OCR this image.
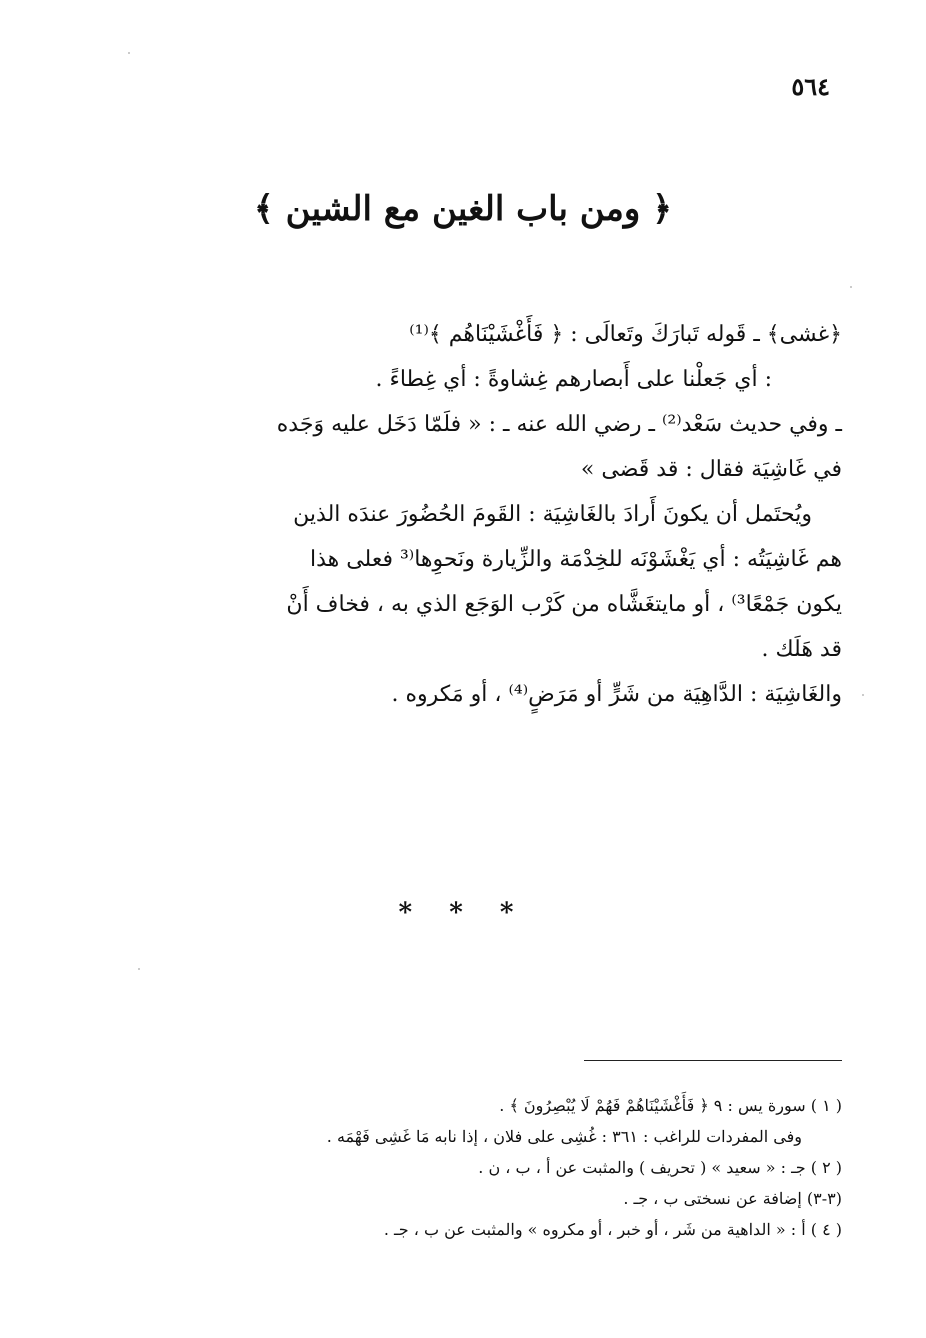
٥٦٤
﴿ ومن باب الغين مع الشين ﴾
﴿غشى﴾ ـ قَوله تَبارَكَ وتَعالَى : ﴿ فَأَغْشَيْنَاهُم ﴾⁽¹⁾
: أي جَعلْنا على أَبصارهم غِشاوةً : أي غِطاءً .
ـ وفي حديث سَعْد⁽²⁾ ـ رضي الله عنه ـ : « فلَمّا دَخَل عليه وَجَده
في غَاشِيَة فقال : قد قَضى »
ويُحتَمل أن يكونَ أَرادَ بالغَاشِيَة : القَومَ الحُضُورَ عندَه الذين
هم غَاشِيَتُه : أي يَغْشَوْنَه للخِدْمَة والزِّيارة ونَحوِها⁽³ فعلى هذا
يكون جَمْعًا³⁾ ، أو مايتغَشَّاه من كَرْب الوَجَع الذي به ، فخاف أَنْ
قد هَلَك .
والغَاشِيَة : الدَّاهِيَة من شَرٍّ أو مَرَضٍ⁽⁴⁾ ، أو مَكروه .
* * *
( ١ ) سورة يس : ٩ ﴿ فَأَغْشَيْنَاهُمْ فَهُمْ لَا يُبْصِرُونَ ﴾ .
وفى المفردات للراغب : ٣٦١ : غُشِى على فلان ، إذا نابه مَا غَشِى فَهْمَه .
( ٢ ) جـ : « سعيد » ( تحريف ) والمثبت عن أ ، ب ، ن .
(٣-٣) إضافة عن نسختى ب ، جـ .
( ٤ ) أ : « الداهية من شَر ، أو خبر ، أو مكروه » والمثبت عن ب ، جـ .
